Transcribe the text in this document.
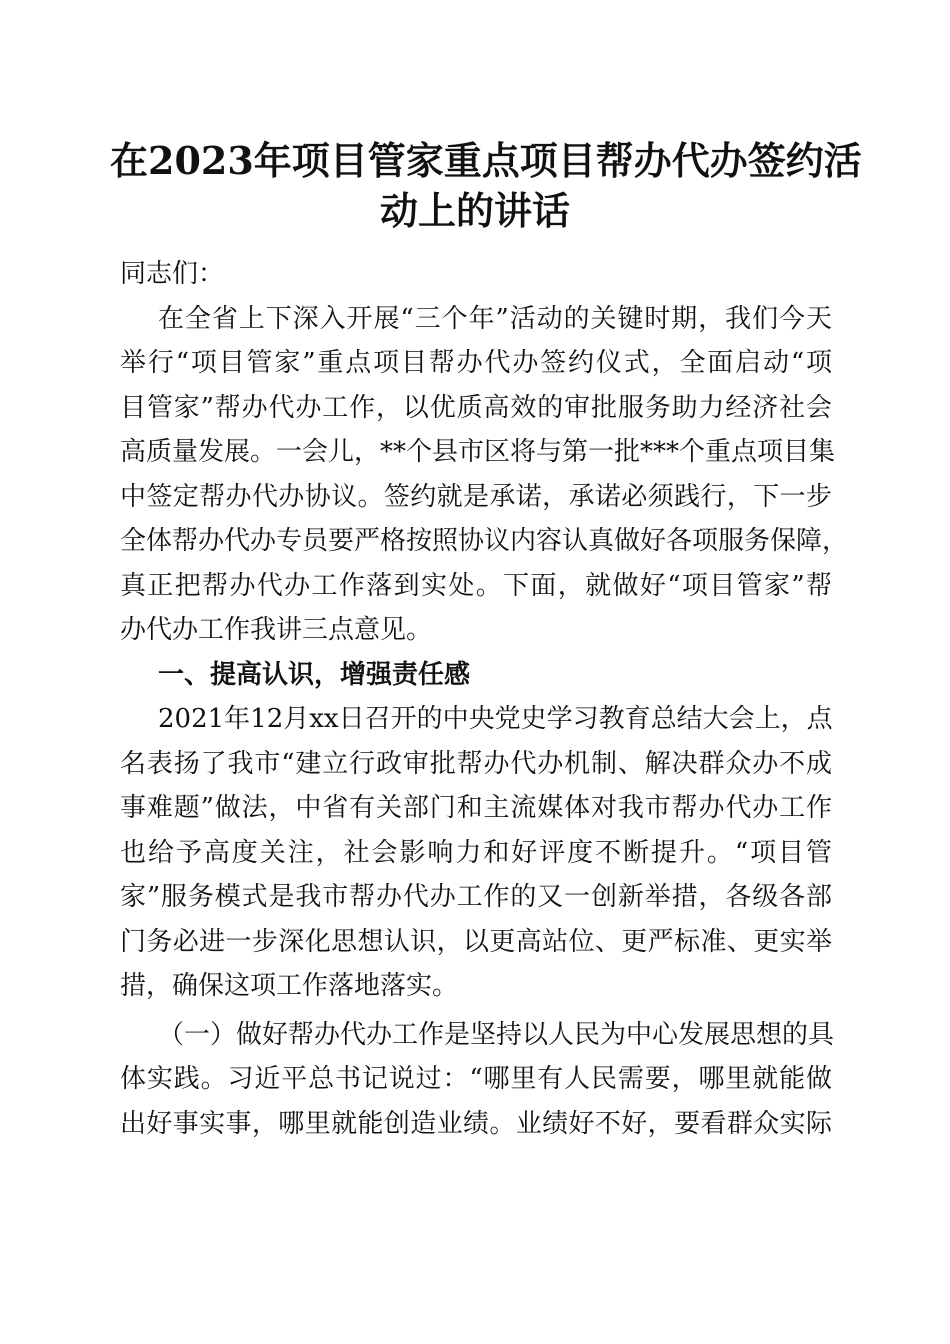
在2023年项目管家重点项目帮办代办签约活
动上的讲话
同志们：
在全省上下深入开展“三个年”活动的关键时期，我们今天
举行“项目管家”重点项目帮办代办签约仪式，全面启动“项
目管家”帮办代办工作，以优质高效的审批服务助力经济社会
高质量发展。一会儿，**个县市区将与第一批***个重点项目集
中签定帮办代办协议。签约就是承诺，承诺必须践行，下一步
全体帮办代办专员要严格按照协议内容认真做好各项服务保障，
真正把帮办代办工作落到实处。下面，就做好“项目管家”帮
办代办工作我讲三点意见。
一、提高认识，增强责任感
2021年12月xx日召开的中央党史学习教育总结大会上，点
名表扬了我市“建立行政审批帮办代办机制、解决群众办不成
事难题”做法，中省有关部门和主流媒体对我市帮办代办工作
也给予高度关注，社会影响力和好评度不断提升。“项目管
家”服务模式是我市帮办代办工作的又一创新举措，各级各部
门务必进一步深化思想认识，以更高站位、更严标准、更实举
措，确保这项工作落地落实。
（一）做好帮办代办工作是坚持以人民为中心发展思想的具
体实践。习近平总书记说过：“哪里有人民需要，哪里就能做
出好事实事，哪里就能创造业绩。业绩好不好，要看群众实际
